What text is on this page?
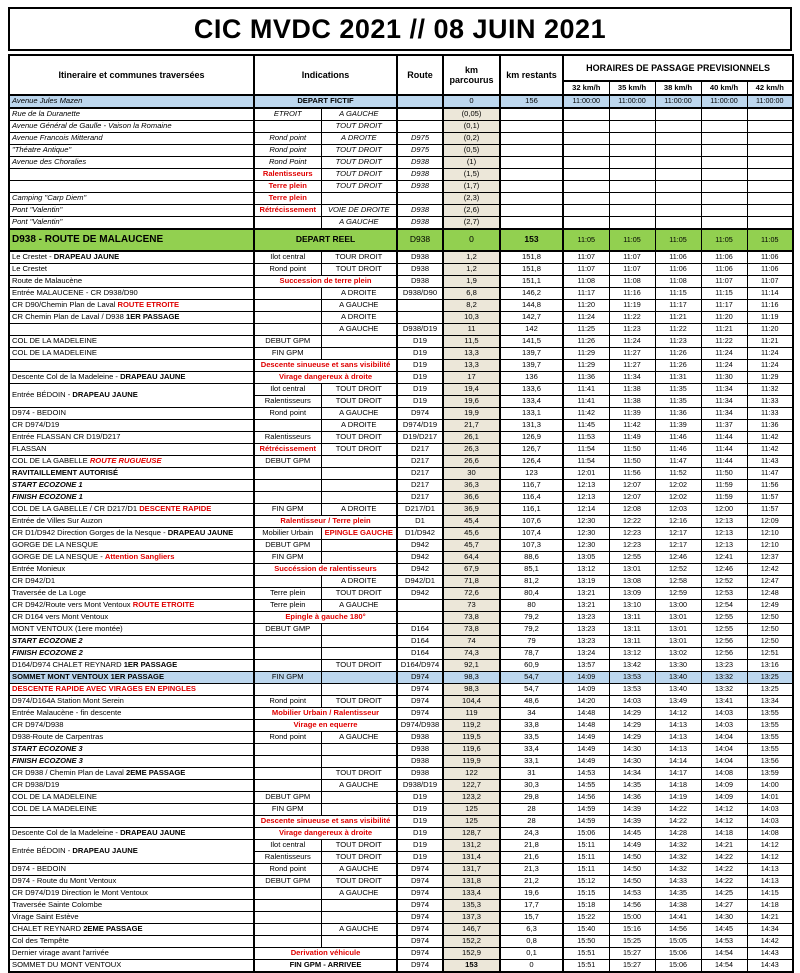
CIC MVDC 2021 // 08 JUIN 2021
Itineraire et communes traversées	Indications		Route	km
parcourus	km restants	HORAIRES DE PASSAGE PREVISIONNELS				
						32 km/h	35 km/h	38 km/h	40 km/h	42 km/h
Avenue Jules Mazen	DEPART FICTIF			0	156	11:00:00	11:00:00	11:00:00	11:00:00	11:00:00
Rue de la Duranette	ETROIT	A GAUCHE		(0,05)						
Avenue Général de Gaulle - Vaison la Romaine		TOUT DROIT		(0,1)						
Avenue Francois Mitterand	Rond point	A DROITE	D975	(0,2)						
"Théatre Antique"	Rond point	TOUT DROIT	D975	(0,5)						
Avenue des Choralies	Rond Point	TOUT DROIT	D938	(1)						
	Ralentisseurs	TOUT DROIT	D938	(1,5)						
	Terre plein	TOUT DROIT	D938	(1,7)						
Camping "Carp Diem"	Terre plein			(2,3)						
Pont "Valentin"	Rétrécissement	VOIE DE DROITE	D938	(2,6)						
Pont "Valentin"		A GAUCHE	D938	(2,7)						
D938 - ROUTE DE MALAUCENE	DEPART REEL		D938	0	153	11:05	11:05	11:05	11:05	11:05
Le Crestet - DRAPEAU JAUNE	Ilot central	TOUR DROIT	D938	1,2	151,8	11:07	11:07	11:06	11:06	11:06
Le Crestet	Rond point	TOUT DROIT	D938	1,2	151,8	11:07	11:07	11:06	11:06	11:06
Route de Malaucène	Succession de terre plein		D938	1,9	151,1	11:08	11:08	11:08	11:07	11:07
Entrée MALAUCENE - CR D938/D90		A DROITE	D938/D90	6,8	146,2	11:17	11:16	11:15	11:15	11:14
CR D90/Chemin Plan de Laval ROUTE ETROITE		A GAUCHE		8,2	144,8	11:20	11:19	11:17	11:17	11:16
CR Chemin Plan de Laval / D938 1ER PASSAGE		A DROITE		10,3	142,7	11:24	11:22	11:21	11:20	11:19
		A GAUCHE	D938/D19	11	142	11:25	11:23	11:22	11:21	11:20
COL DE LA MADELEINE	DEBUT GPM		D19	11,5	141,5	11:26	11:24	11:23	11:22	11:21
COL DE LA MADELEINE	FIN GPM		D19	13,3	139,7	11:29	11:27	11:26	11:24	11:24
	Descente sinueuse et sans visibilité		D19	13,3	139,7	11:29	11:27	11:26	11:24	11:24
Descente Col de la Madeleine - DRAPEAU JAUNE	Virage dangereux à droite		D19	17	136	11:36	11:34	11:31	11:30	11:29
Entrée BÉDOIN - DRAPEAU JAUNE	Ilot central	TOUT DROIT	D19	19,4	133,6	11:41	11:38	11:35	11:34	11:32
	Ralentisseurs	TOUT DROIT	D19	19,6	133,4	11:41	11:38	11:35	11:34	11:33
D974 - BEDOIN	Rond point	A GAUCHE	D974	19,9	133,1	11:42	11:39	11:36	11:34	11:33
CR D974/D19		A DROITE	D974/D19	21,7	131,3	11:45	11:42	11:39	11:37	11:36
Entrée FLASSAN CR D19/D217	Ralentisseurs	TOUT DROIT	D19/D217	26,1	126,9	11:53	11:49	11:46	11:44	11:42
FLASSAN	Rétrécissement	TOUT DROIT	D217	26,3	126,7	11:54	11:50	11:46	11:44	11:42
COL DE LA GABELLE ROUTE RUGUEUSE	DEBUT GPM		D217	26,6	126,4	11:54	11:50	11:47	11:44	11:43
RAVITAILLEMENT AUTORISÉ			D217	30	123	12:01	11:56	11:52	11:50	11:47
START ECOZONE 1			D217	36,3	116,7	12:13	12:07	12:02	11:59	11:56
FINISH ECOZONE 1			D217	36,6	116,4	12:13	12:07	12:02	11:59	11:57
COL DE LA GABELLE / CR D217/D1 DESCENTE RAPIDE	FIN GPM	A DROITE	D217/D1	36,9	116,1	12:14	12:08	12:03	12:00	11:57
Entrée de Villes Sur Auzon	Ralentisseur / Terre plein		D1	45,4	107,6	12:30	12:22	12:16	12:13	12:09
CR D1/D942 Direction Gorges de la Nesque - DRAPEAU JAUNE	Mobilier Urbain	EPINGLE GAUCHE	D1/D942	45,6	107,4	12:30	12:23	12:17	12:13	12:10
GORGE DE LA NESQUE	DEBUT GPM		D942	45,7	107,3	12:30	12:23	12:17	12:13	12:10
GORGE DE LA NESQUE - Attention Sangliers	FIN GPM		D942	64,4	88,6	13:05	12:55	12:46	12:41	12:37
Entrée Monieux	Succéssion de ralentisseurs		D942	67,9	85,1	13:12	13:01	12:52	12:46	12:42
CR D942/D1		A DROITE	D942/D1	71,8	81,2	13:19	13:08	12:58	12:52	12:47
Traversée de La Loge	Terre plein	TOUT DROIT	D942	72,6	80,4	13:21	13:09	12:59	12:53	12:48
CR D942/Route vers Mont Ventoux ROUTE ETROITE	Terre plein	A GAUCHE		73	80	13:21	13:10	13:00	12:54	12:49
CR D164 vers Mont Ventoux	Epingle à gauche 180°			73,8	79,2	13:23	13:11	13:01	12:55	12:50
MONT VENTOUX (1ere montée)	DEBUT GMP		D164	73,8	79,2	13:23	13:11	13:01	12:55	12:50
START ECOZONE 2			D164	74	79	13:23	13:11	13:01	12:56	12:50
FINISH ECOZONE 2			D164	74,3	78,7	13:24	13:12	13:02	12:56	12:51
D164/D974 CHALET REYNARD 1ER PASSAGE		TOUT DROIT	D164/D974	92,1	60,9	13:57	13:42	13:30	13:23	13:16
SOMMET MONT VENTOUX 1ER PASSAGE	FIN GPM		D974	98,3	54,7	14:09	13:53	13:40	13:32	13:25
DESCENTE RAPIDE AVEC VIRAGES EN EPINGLES			D974	98,3	54,7	14:09	13:53	13:40	13:32	13:25
D974/D164A Station Mont Serein	Rond point	TOUT DROIT	D974	104,4	48,6	14:20	14:03	13:49	13:41	13:34
Entrée Malaucène - fin descente	Mobilier Urbain / Ralentisseur		D974	119	34	14:48	14:29	14:12	14:03	13:55
CR D974/D938	Virage en equerre		D974/D938	119,2	33,8	14:48	14:29	14:13	14:03	13:55
D938-Route de Carpentras	Rond point	A GAUCHE	D938	119,5	33,5	14:49	14:29	14:13	14:04	13:55
START ECOZONE 3			D938	119,6	33,4	14:49	14:30	14:13	14:04	13:55
FINISH ECOZONE 3			D938	119,9	33,1	14:49	14:30	14:14	14:04	13:56
CR D938 / Chemin Plan de Laval 2EME PASSAGE		TOUT DROIT	D938	122	31	14:53	14:34	14:17	14:08	13:59
CR D938/D19		A GAUCHE	D938/D19	122,7	30,3	14:55	14:35	14:18	14:09	14:00
COL DE LA MADELEINE	DEBUT GPM		D19	123,2	29,8	14:56	14:36	14:19	14:09	14:01
COL DE LA MADELEINE	FIN GPM		D19	125	28	14:59	14:39	14:22	14:12	14:03
	Descente sinueuse et sans visibilité		D19	125	28	14:59	14:39	14:22	14:12	14:03
Descente Col de la Madeleine - DRAPEAU JAUNE	Virage dangereux à droite		D19	128,7	24,3	15:06	14:45	14:28	14:18	14:08
Entrée BÉDOIN - DRAPEAU JAUNE	Ilot central	TOUT DROIT	D19	131,2	21,8	15:11	14:49	14:32	14:21	14:12
	Ralentisseurs	TOUT DROIT	D19	131,4	21,6	15:11	14:50	14:32	14:22	14:12
D974 - BEDOIN	Rond point	A GAUCHE	D974	131,7	21,3	15:11	14:50	14:32	14:22	14:13
D974 - Route du Mont Ventoux	DEBUT GPM	TOUT DROIT	D974	131,8	21,2	15:12	14:50	14:33	14:22	14:13
CR D974/D19 Direction le Mont Ventoux		A GAUCHE	D974	133,4	19,6	15:15	14:53	14:35	14:25	14:15
Traversée Sainte Colombe			D974	135,3	17,7	15:18	14:56	14:38	14:27	14:18
Virage Saint Estève			D974	137,3	15,7	15:22	15:00	14:41	14:30	14:21
CHALET REYNARD 2EME PASSAGE		A GAUCHE	D974	146,7	6,3	15:40	15:16	14:56	14:45	14:34
Col des Tempête			D974	152,2	0,8	15:50	15:25	15:05	14:53	14:42
Dernier virage avant l'arrivée	Derivation véhicule		D974	152,9	0,1	15:51	15:27	15:06	14:54	14:43
SOMMET DU MONT VENTOUX	FIN GPM - ARRIVEE		D974	153	0	15:51	15:27	15:06	14:54	14:43
